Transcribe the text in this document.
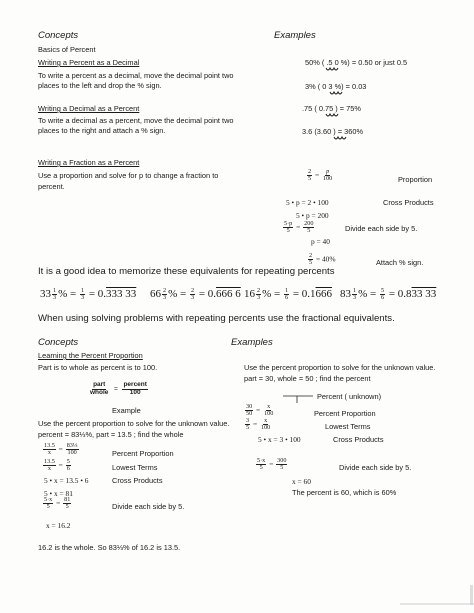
Concepts	Examples
Basics of Percent
Writing a Percent as a Decimal
To write a percent as a decimal, move the decimal point two
places to the left and drop the % sign.
50% ( .5 0 %) = 0.50 or just 0.5
3% ( 0 3 %) = 0.03
Writing a Decimal as a Percent
To write a decimal as a percent, move the decimal point two
places to the right and attach a % sign.
.75 ( 0.75 ) = 75%
3.6 (3.60 ) = 360%
Writing a Fraction as a Percent
Use a proportion and solve for p to change a fraction to
percent.
$\frac{2}{5} = \frac{p}{100}$	Proportion
5 • p = 2 • 100	Cross Products
5 • p = 200
$\frac{5\cdot p}{5} = \frac{200}{5}$	Divide each side by 5.
p = 40
$\frac{2}{5} = 40\%$	Attach % sign.
It is a good idea to memorize these equivalents for repeating percents
$33 \frac{1}{3}$ % = $\frac{1}{3} = 0.333$ 33 $66 \frac{2}{3}$ % = $\frac{2}{3} = 0.666$ 6 $16 \frac{2}{3}$ % = $\frac{1}{6} = 0.1666$ $83 \frac{1}{3}$ % = $\frac{5}{6} = 0.833$ 33
When using solving problems with repeating percents use the fractional equivalents.
Concepts	Examples
Learning the Percent Proportion
Part is to whole as percent is to 100.
$\frac{\text{part}}{\text{whole}} = \frac{\text{percent}}{100}$
Example
Use the percent proportion to solve for the unknown value.
percent = 83⅓%, part = 13.5 ; find the whole
$\frac{13.5}{x} = \frac{\text{83⅓}}{100}$	Percent Proportion
$\frac{13.5}{x} = \frac{5}{6}$	Lowest Terms
5 • x = 13.5 • 6	Cross Products
5 • x = 81
$\frac{5\cdot x}{5} = \frac{81}{5}$	Divide each side by 5.
x = 16.2
16.2 is the whole. So 83⅓% of 16.2 is 13.5.
Use the percent proportion to solve for the unknown value.
part = 30, whole = 50 ; find the percent
Percent ( unknown)
$\frac{30}{50} = \frac{x}{100}$	Percent Proportion
$\frac{3}{5} = \frac{x}{100}$	Lowest Terms
5 • x = 3 • 100	Cross Products
$\frac{5\cdot x}{5} = \frac{300}{5}$	Divide each side by 5.
x = 60
The percent is 60, which is 60%
